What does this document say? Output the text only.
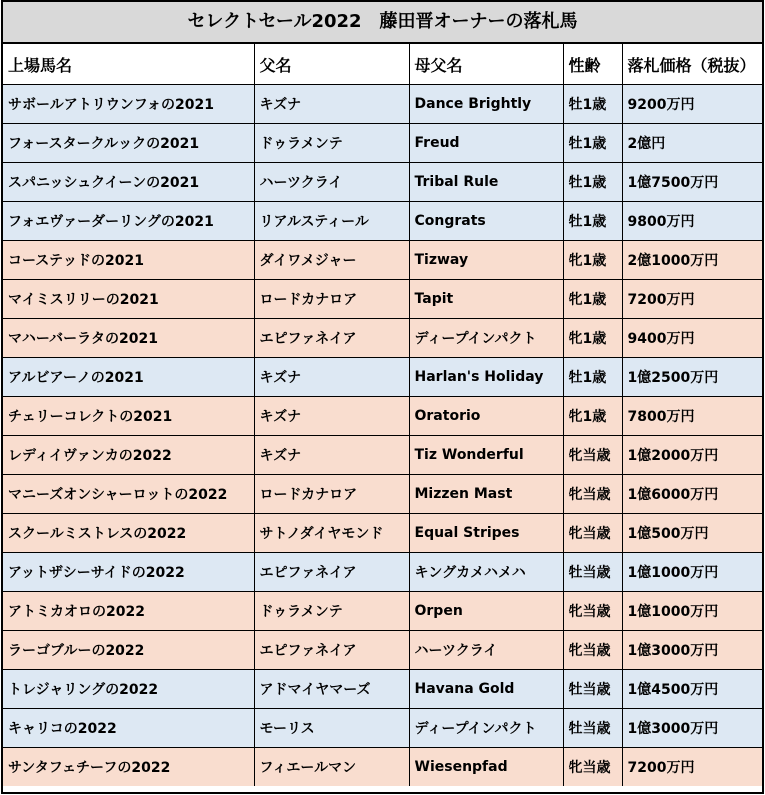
セレクトセール2022　藤田晋オーナーの落札馬
上場馬名	父名	母父名	性齢	落札価格（税抜）
サボールアトリウンフォの2021	キズナ	Dance Brightly	牡1歳	9200万円
フォースタークルックの2021	ドゥラメンテ	Freud	牡1歳	2億円
スパニッシュクイーンの2021	ハーツクライ	Tribal Rule	牡1歳	1億7500万円
フォエヴァーダーリングの2021	リアルスティール	Congrats	牡1歳	9800万円
コーステッドの2021	ダイワメジャー	Tizway	牝1歳	2億1000万円
マイミスリリーの2021	ロードカナロア	Tapit	牝1歳	7200万円
マハーバーラタの2021	エピファネイア	ディープインパクト	牝1歳	9400万円
アルビアーノの2021	キズナ	Harlan's Holiday	牡1歳	1億2500万円
チェリーコレクトの2021	キズナ	Oratorio	牝1歳	7800万円
レディイヴァンカの2022	キズナ	Tiz Wonderful	牝当歳	1億2000万円
マニーズオンシャーロットの2022	ロードカナロア	Mizzen Mast	牝当歳	1億6000万円
スクールミストレスの2022	サトノダイヤモンド	Equal Stripes	牝当歳	1億500万円
アットザシーサイドの2022	エピファネイア	キングカメハメハ	牡当歳	1億1000万円
アトミカオロの2022	ドゥラメンテ	Orpen	牝当歳	1億1000万円
ラーゴブルーの2022	エピファネイア	ハーツクライ	牝当歳	1億3000万円
トレジャリングの2022	アドマイヤマーズ	Havana Gold	牡当歳	1億4500万円
キャリコの2022	モーリス	ディープインパクト	牡当歳	1億3000万円
サンタフェチーフの2022	フィエールマン	Wiesenpfad	牝当歳	7200万円
